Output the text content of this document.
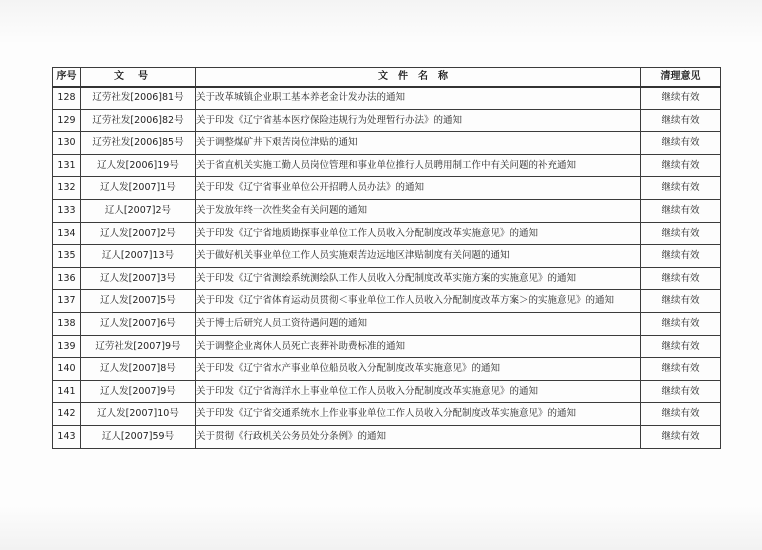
序号	文号	文件名称	清理意见
128	辽劳社发[2006]81号	关于改革城镇企业职工基本养老金计发办法的通知	继续有效
129	辽劳社发[2006]82号	关于印发《辽宁省基本医疗保险违规行为处理暂行办法》的通知	继续有效
130	辽劳社发[2006]85号	关于调整煤矿井下艰苦岗位津贴的通知	继续有效
131	辽人发[2006]19号	关于省直机关实施工勤人员岗位管理和事业单位推行人员聘用制工作中有关问题的补充通知	继续有效
132	辽人发[2007]1号	关于印发《辽宁省事业单位公开招聘人员办法》的通知	继续有效
133	辽人[2007]2号	关于发放年终一次性奖金有关问题的通知	继续有效
134	辽人发[2007]2号	关于印发《辽宁省地质勘探事业单位工作人员收入分配制度改革实施意见》的通知	继续有效
135	辽人[2007]13号	关于做好机关事业单位工作人员实施艰苦边远地区津贴制度有关问题的通知	继续有效
136	辽人发[2007]3号	关于印发《辽宁省测绘系统测绘队工作人员收入分配制度改革实施方案的实施意见》的通知	继续有效
137	辽人发[2007]5号	关于印发《辽宁省体育运动员贯彻＜事业单位工作人员收入分配制度改革方案＞的实施意见》的通知	继续有效
138	辽人发[2007]6号	关于博士后研究人员工资待遇问题的通知	继续有效
139	辽劳社发[2007]9号	关于调整企业离休人员死亡丧葬补助费标准的通知	继续有效
140	辽人发[2007]8号	关于印发《辽宁省水产事业单位船员收入分配制度改革实施意见》的通知	继续有效
141	辽人发[2007]9号	关于印发《辽宁省海洋水上事业单位工作人员收入分配制度改革实施意见》的通知	继续有效
142	辽人发[2007]10号	关于印发《辽宁省交通系统水上作业事业单位工作人员收入分配制度改革实施意见》的通知	继续有效
143	辽人[2007]59号	关于贯彻《行政机关公务员处分条例》的通知	继续有效
